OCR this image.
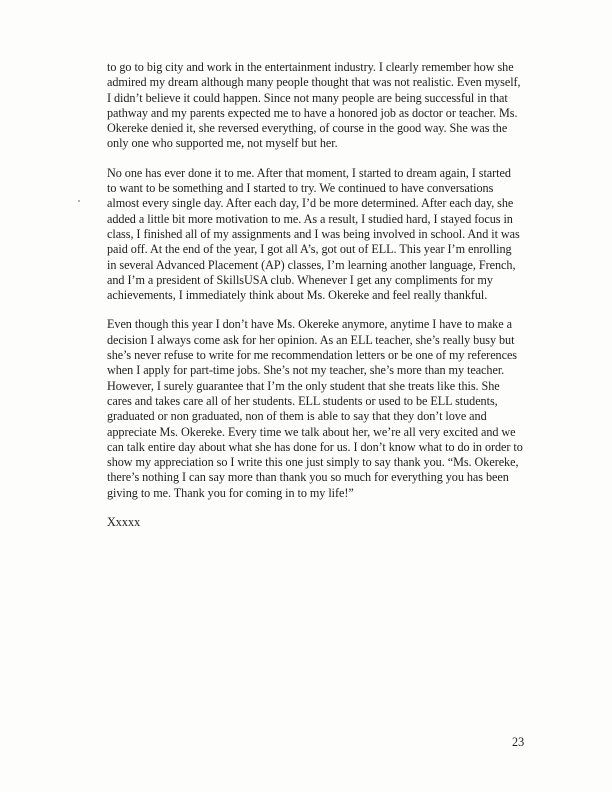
to go to big city and work in the entertainment industry. I clearly remember how she
admired my dream although many people thought that was not realistic. Even myself,
I didn’t believe it could happen. Since not many people are being successful in that
pathway and my parents expected me to have a honored job as doctor or teacher. Ms.
Okereke denied it, she reversed everything, of course in the good way. She was the
only one who supported me, not myself but her.

No one has ever done it to me. After that moment, I started to dream again, I started
to want to be something and I started to try. We continued to have conversations
almost every single day. After each day, I’d be more determined. After each day, she
added a little bit more motivation to me. As a result, I studied hard, I stayed focus in
class, I finished all of my assignments and I was being involved in school. And it was
paid off. At the end of the year, I got all A’s, got out of ELL. This year I’m enrolling
in several Advanced Placement (AP) classes, I’m learning another language, French,
and I’m a president of SkillsUSA club. Whenever I get any compliments for my
achievements, I immediately think about Ms. Okereke and feel really thankful.

Even though this year I don’t have Ms. Okereke anymore, anytime I have to make a
decision I always come ask for her opinion. As an ELL teacher, she’s really busy but
she’s never refuse to write for me recommendation letters or be one of my references
when I apply for part-time jobs. She’s not my teacher, she’s more than my teacher.
However, I surely guarantee that I’m the only student that she treats like this. She
cares and takes care all of her students. ELL students or used to be ELL students,
graduated or non graduated, non of them is able to say that they don’t love and
appreciate Ms. Okereke. Every time we talk about her, we’re all very excited and we
can talk entire day about what she has done for us. I don’t know what to do in order to
show my appreciation so I write this one just simply to say thank you. “Ms. Okereke,
there’s nothing I can say more than thank you so much for everything you has been
giving to me. Thank you for coming in to my life!”

Xxxxx
23
